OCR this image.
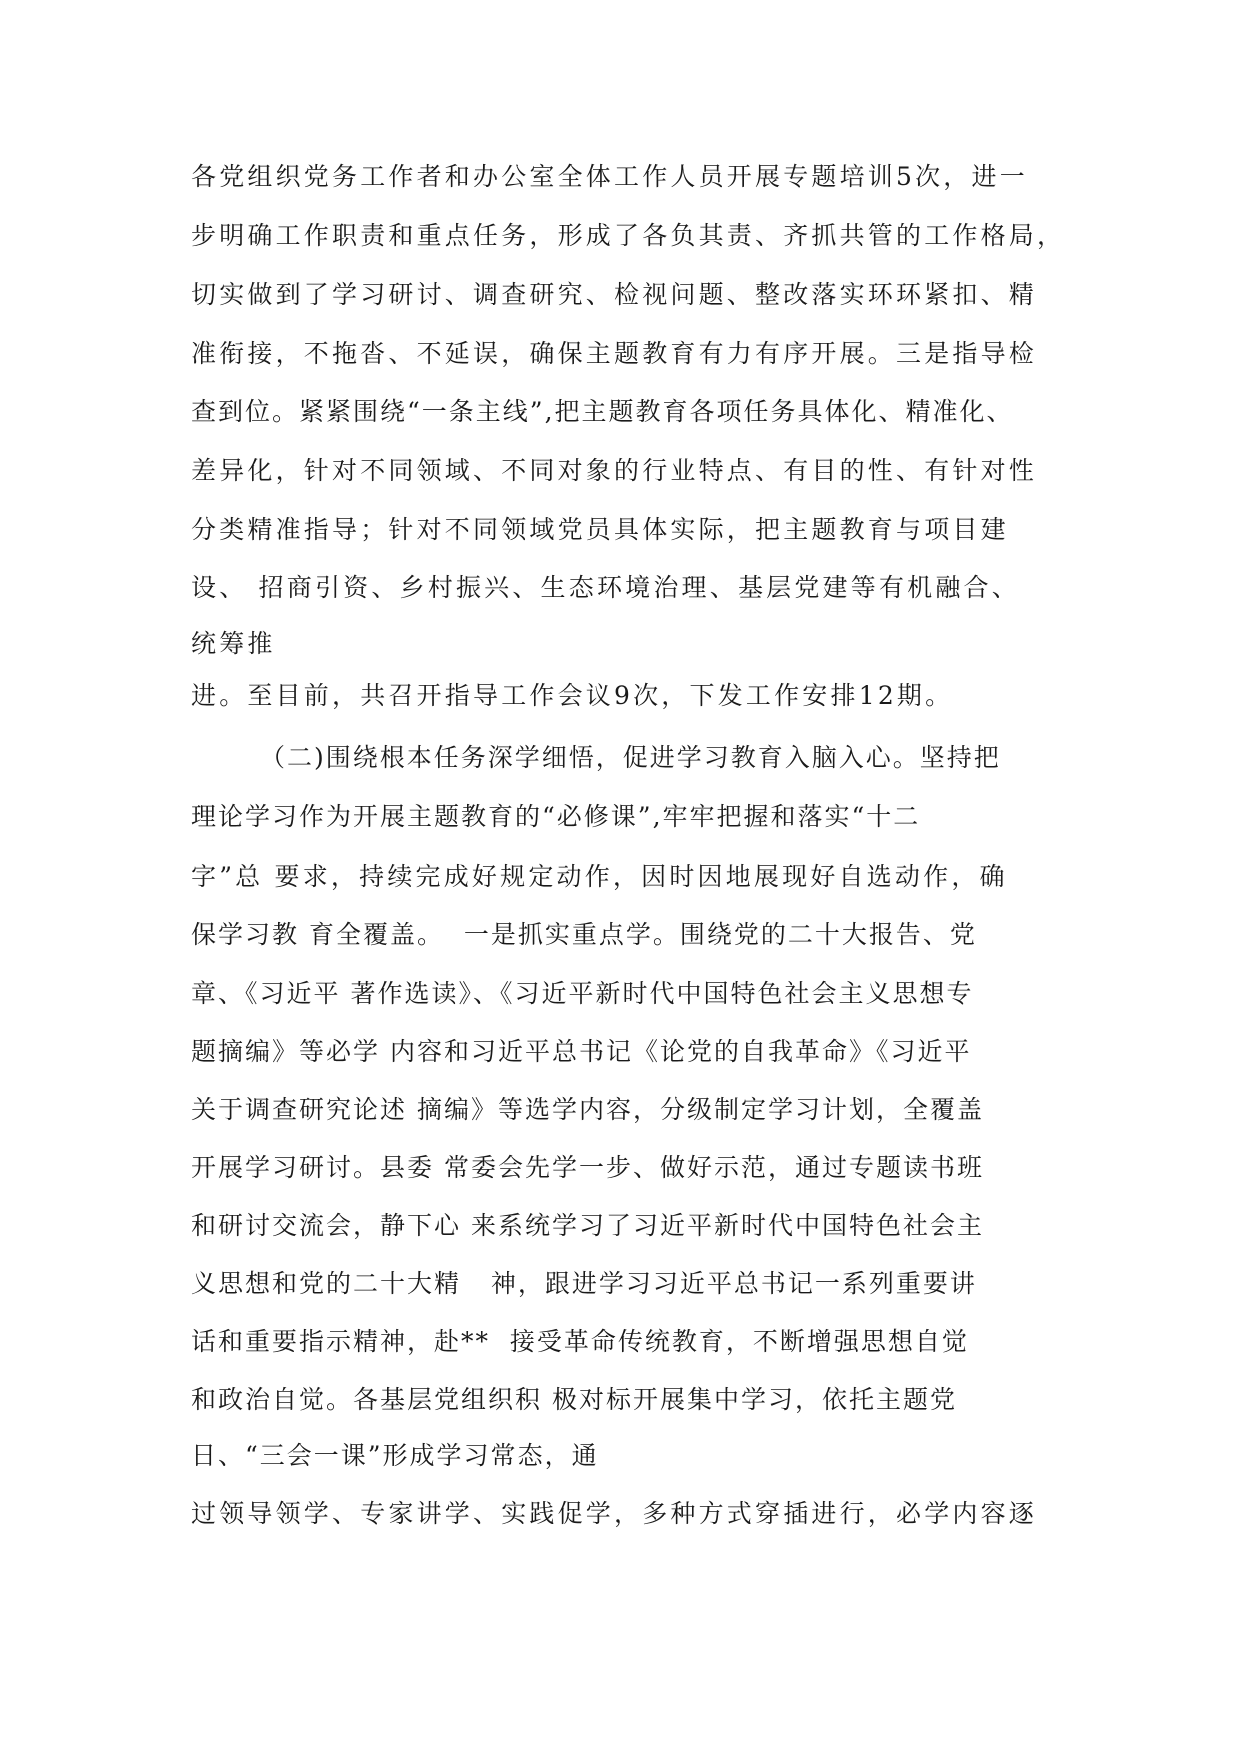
各党组织党务工作者和办公室全体工作人员开展专题培训5次，进一
步明确工作职责和重点任务，形成了各负其责、齐抓共管的工作格局，
切实做到了学习研讨、调查研究、检视问题、整改落实环环紧扣、精
准衔接，不拖沓、不延误，确保主题教育有力有序开展。三是指导检
查到位。紧紧围绕“一条主线”,把主题教育各项任务具体化、精准化、
差异化，针对不同领域、不同对象的行业特点、有目的性、有针对性
分类精准指导；针对不同领域党员具体实际，把主题教育与项目建
设、 招商引资、乡村振兴、生态环境治理、基层党建等有机融合、
统筹推
进。至目前，共召开指导工作会议9次，下发工作安排12期。
（二)围绕根本任务深学细悟，促进学习教育入脑入心。坚持把
理论学习作为开展主题教育的“必修课”,牢牢把握和落实“十二
字”总 要求，持续完成好规定动作，因时因地展现好自选动作，确
保学习教 育全覆盖。  一是抓实重点学。围绕党的二十大报告、党
章、《习近平 著作选读》、《习近平新时代中国特色社会主义思想专
题摘编》等必学 内容和习近平总书记《论党的自我革命》《习近平
关于调查研究论述 摘编》等选学内容，分级制定学习计划，全覆盖
开展学习研讨。县委 常委会先学一步、做好示范，通过专题读书班
和研讨交流会，静下心 来系统学习了习近平新时代中国特色社会主
义思想和党的二十大精   神，跟进学习习近平总书记一系列重要讲
话和重要指示精神，赴**  接受革命传统教育，不断增强思想自觉
和政治自觉。各基层党组织积 极对标开展集中学习，依托主题党
日、“三会一课”形成学习常态，通
过领导领学、专家讲学、实践促学，多种方式穿插进行，必学内容逐
